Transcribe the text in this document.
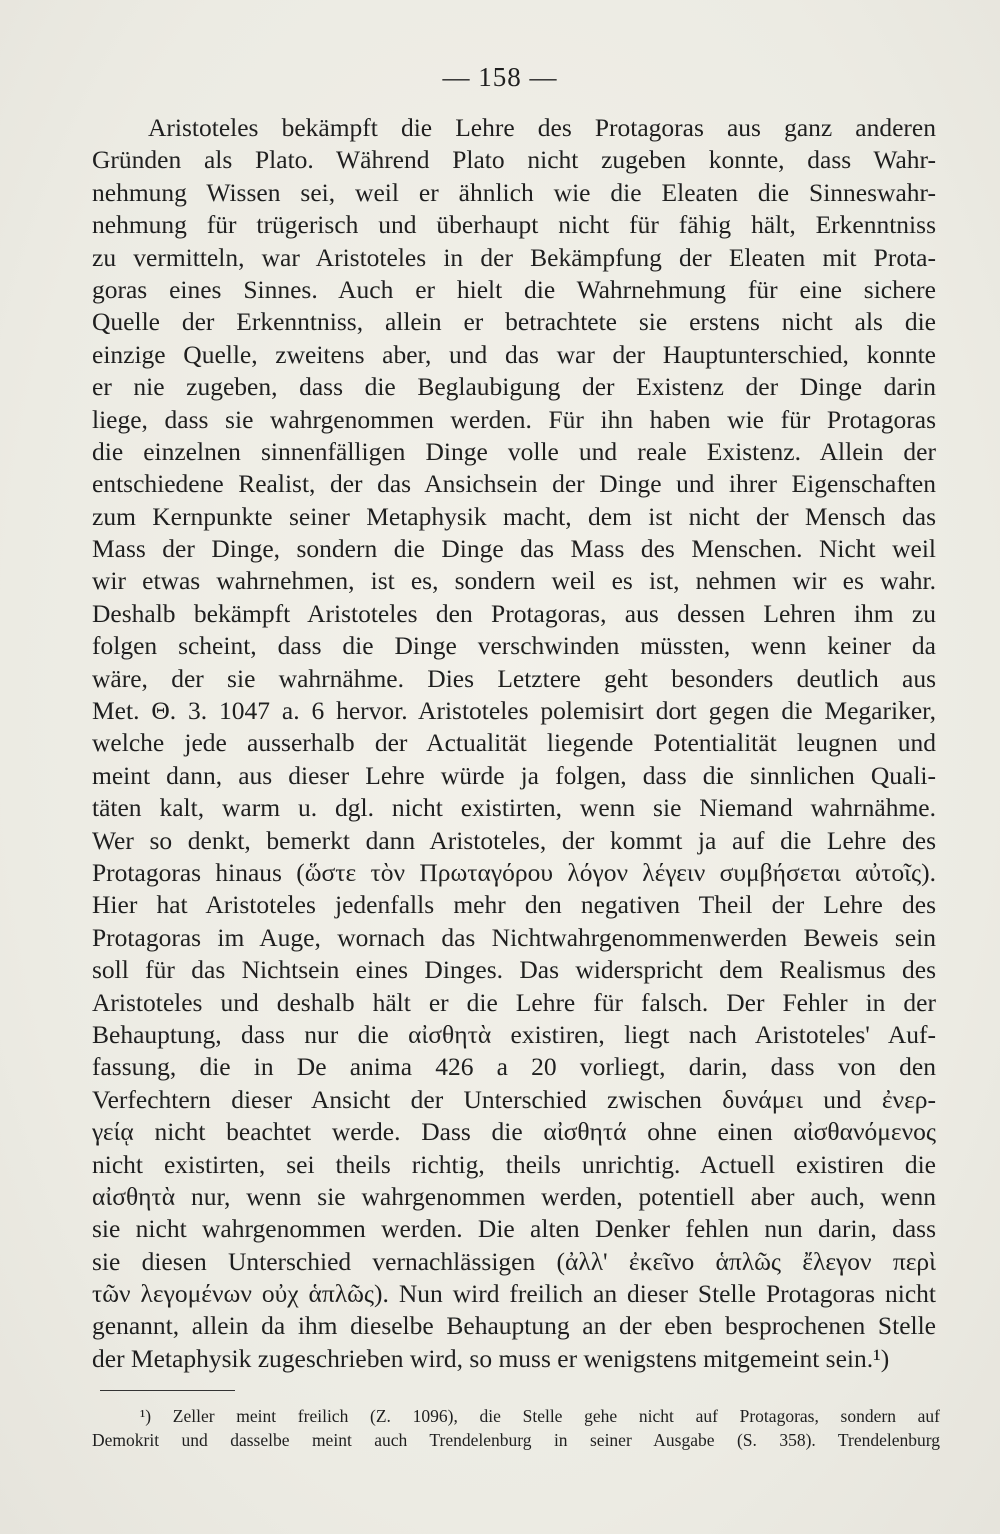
— 158 —
Aristoteles bekämpft die Lehre des Protagoras aus ganz anderen
Gründen als Plato. Während Plato nicht zugeben konnte, dass Wahr-
nehmung Wissen sei, weil er ähnlich wie die Eleaten die Sinneswahr-
nehmung für trügerisch und überhaupt nicht für fähig hält, Erkenntniss
zu vermitteln, war Aristoteles in der Bekämpfung der Eleaten mit Prota-
goras eines Sinnes. Auch er hielt die Wahrnehmung für eine sichere
Quelle der Erkenntniss, allein er betrachtete sie erstens nicht als die
einzige Quelle, zweitens aber, und das war der Hauptunterschied, konnte
er nie zugeben, dass die Beglaubigung der Existenz der Dinge darin
liege, dass sie wahrgenommen werden. Für ihn haben wie für Protagoras
die einzelnen sinnenfälligen Dinge volle und reale Existenz. Allein der
entschiedene Realist, der das Ansichsein der Dinge und ihrer Eigenschaften
zum Kernpunkte seiner Metaphysik macht, dem ist nicht der Mensch das
Mass der Dinge, sondern die Dinge das Mass des Menschen. Nicht weil
wir etwas wahrnehmen, ist es, sondern weil es ist, nehmen wir es wahr.
Deshalb bekämpft Aristoteles den Protagoras, aus dessen Lehren ihm zu
folgen scheint, dass die Dinge verschwinden müssten, wenn keiner da
wäre, der sie wahrnähme. Dies Letztere geht besonders deutlich aus
Met. Θ. 3. 1047 a. 6 hervor. Aristoteles polemisirt dort gegen die Megariker,
welche jede ausserhalb der Actualität liegende Potentialität leugnen und
meint dann, aus dieser Lehre würde ja folgen, dass die sinnlichen Quali-
täten kalt, warm u. dgl. nicht existirten, wenn sie Niemand wahrnähme.
Wer so denkt, bemerkt dann Aristoteles, der kommt ja auf die Lehre des
Protagoras hinaus (ὥστε τὸν Πρωταγόρου λόγον λέγειν συμβήσεται αὐτοῖς).
Hier hat Aristoteles jedenfalls mehr den negativen Theil der Lehre des
Protagoras im Auge, wornach das Nichtwahrgenommenwerden Beweis sein
soll für das Nichtsein eines Dinges. Das widerspricht dem Realismus des
Aristoteles und deshalb hält er die Lehre für falsch. Der Fehler in der
Behauptung, dass nur die αἰσθητὰ existiren, liegt nach Aristoteles' Auf-
fassung, die in De anima 426 a 20 vorliegt, darin, dass von den
Verfechtern dieser Ansicht der Unterschied zwischen δυνάμει und ἐνερ-
γείᾳ nicht beachtet werde. Dass die αἰσθητά ohne einen αἰσθανόμενος
nicht existirten, sei theils richtig, theils unrichtig. Actuell existiren die
αἰσθητὰ nur, wenn sie wahrgenommen werden, potentiell aber auch, wenn
sie nicht wahrgenommen werden. Die alten Denker fehlen nun darin, dass
sie diesen Unterschied vernachlässigen (ἀλλ' ἐκεῖνο ἁπλῶς ἔλεγον περὶ
τῶν λεγομένων οὐχ ἁπλῶς). Nun wird freilich an dieser Stelle Protagoras nicht
genannt, allein da ihm dieselbe Behauptung an der eben besprochenen Stelle
der Metaphysik zugeschrieben wird, so muss er wenigstens mitgemeint sein.¹)
¹) Zeller meint freilich (Z. 1096), die Stelle gehe nicht auf Protagoras, sondern auf
Demokrit und dasselbe meint auch Trendelenburg in seiner Ausgabe (S. 358). Trendelenburg
